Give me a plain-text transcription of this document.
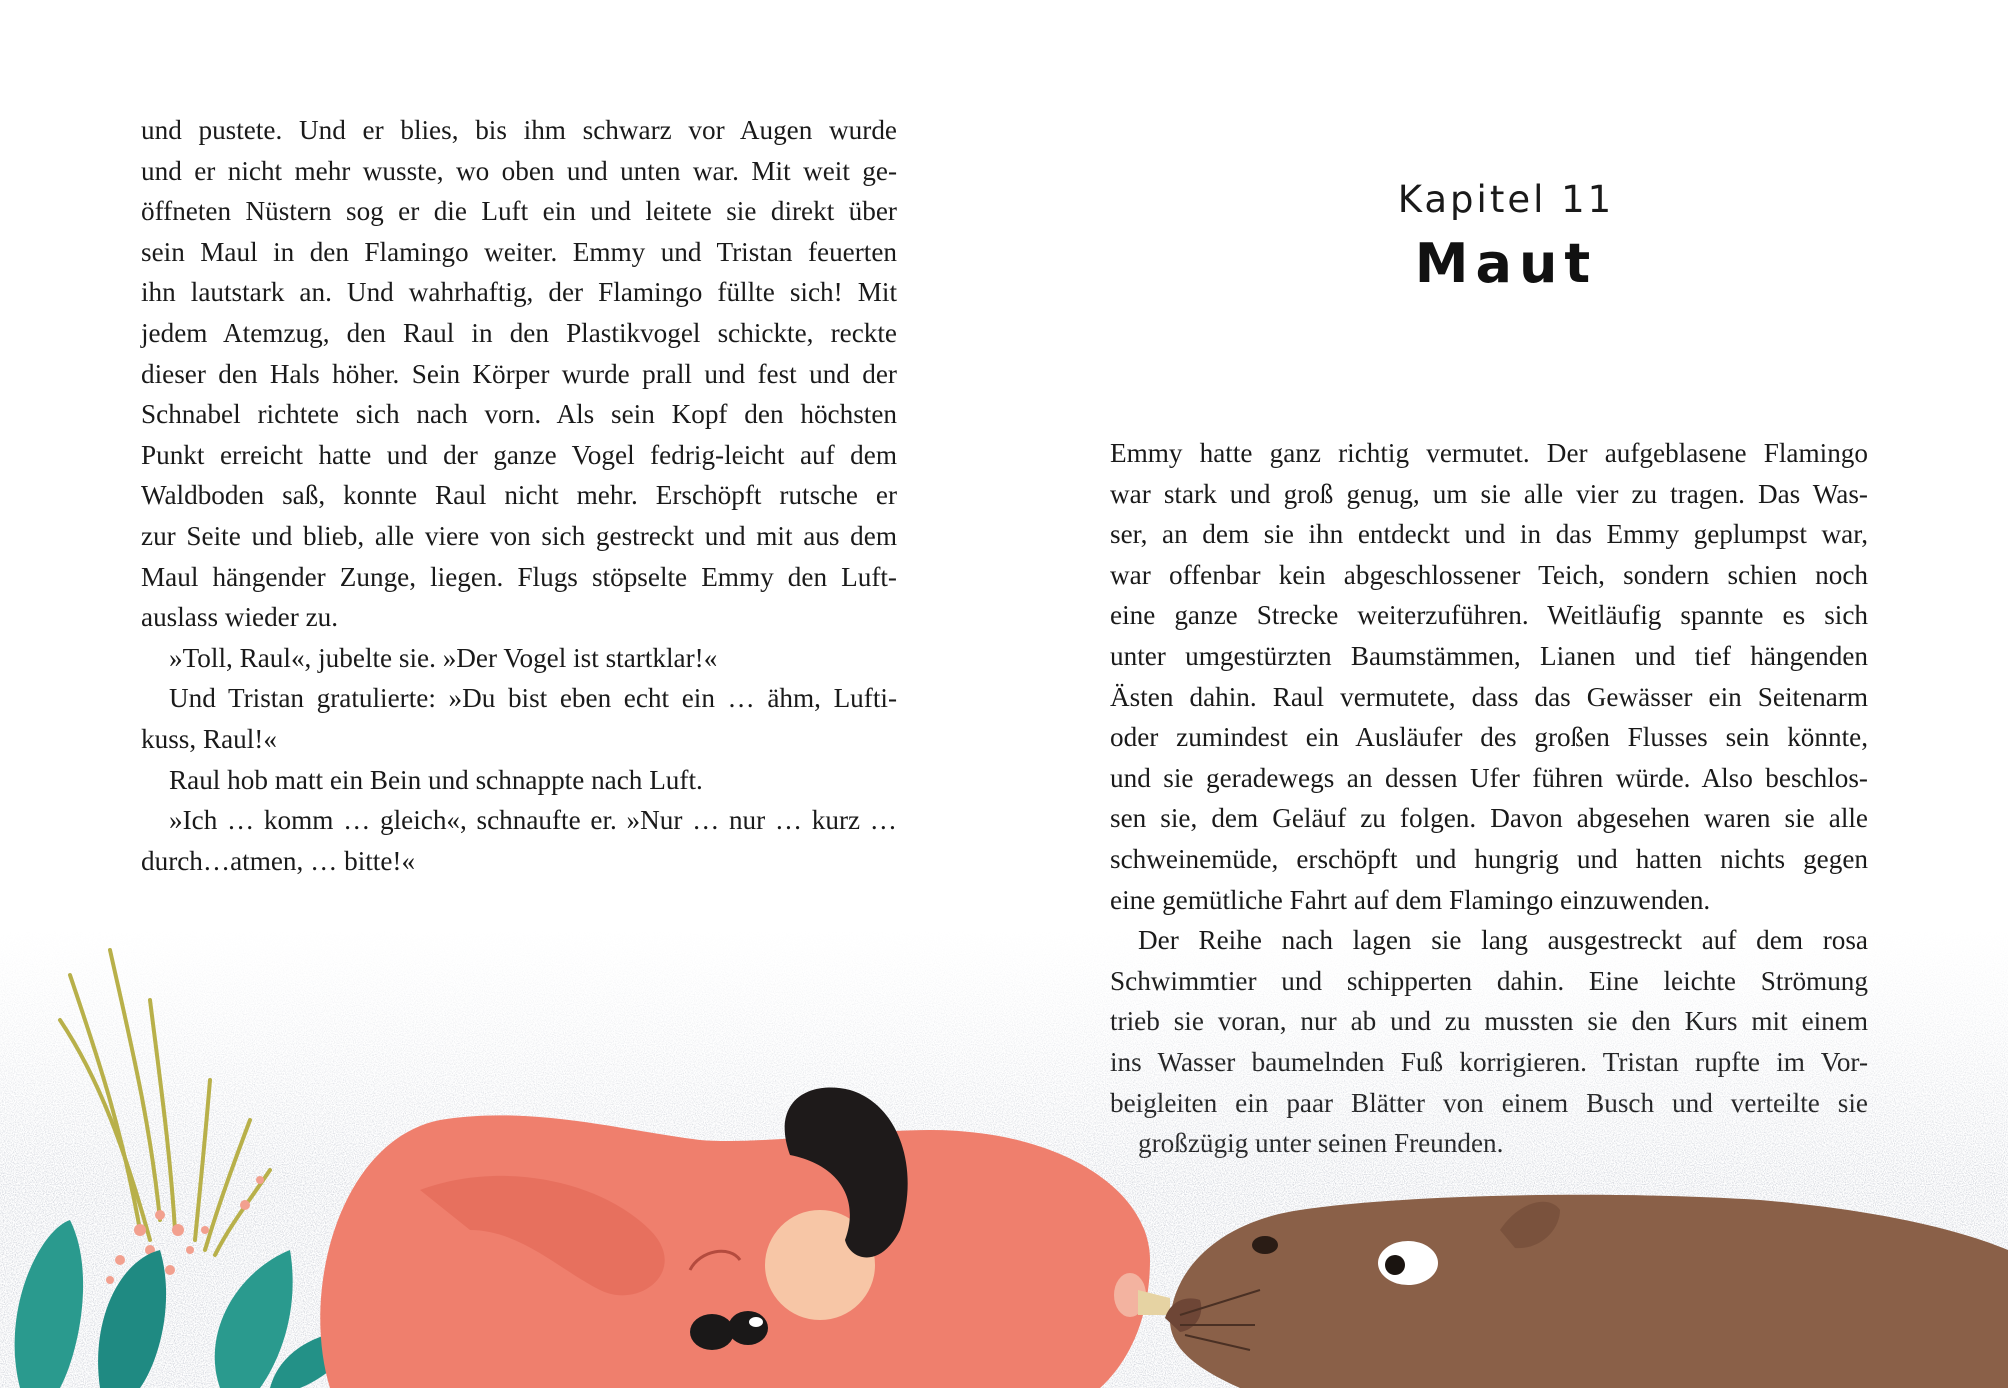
und pustete. Und er blies, bis ihm schwarz vor Augen wurde
und er nicht mehr wusste, wo oben und unten war. Mit weit ge-
öffneten Nüstern sog er die Luft ein und leitete sie direkt über
sein Maul in den Flamingo weiter. Emmy und Tristan feuerten
ihn lautstark an. Und wahrhaftig, der Flamingo füllte sich! Mit
jedem Atemzug, den Raul in den Plastikvogel schickte, reckte
dieser den Hals höher. Sein Körper wurde prall und fest und der
Schnabel richtete sich nach vorn. Als sein Kopf den höchsten
Punkt erreicht hatte und der ganze Vogel fedrig-leicht auf dem
Waldboden saß, konnte Raul nicht mehr. Erschöpft rutsche er
zur Seite und blieb, alle viere von sich gestreckt und mit aus dem
Maul hängender Zunge, liegen. Flugs stöpselte Emmy den Luft-

auslass wieder zu.

»Toll, Raul«, jubelte sie. »Der Vogel ist startklar!«

Und Tristan gratulierte: »Du bist eben echt ein … ähm, Lufti-

kuss, Raul!«

Raul hob matt ein Bein und schnappte nach Luft.

»Ich … komm … gleich«, schnaufte er. »Nur … nur … kurz …

durch…atmen, … bitte!«

Kapitel 11
Maut

Emmy hatte ganz richtig vermutet. Der aufgeblasene Flamingo
war stark und groß genug, um sie alle vier zu tragen. Das Was-
ser, an dem sie ihn entdeckt und in das Emmy geplumpst war,
war offenbar kein abgeschlossener Teich, sondern schien noch
eine ganze Strecke weiterzuführen. Weitläufig spannte es sich
unter umgestürzten Baumstämmen, Lianen und tief hängenden
Ästen dahin. Raul vermutete, dass das Gewässer ein Seitenarm
oder zumindest ein Ausläufer des großen Flusses sein könnte,
und sie geradewegs an dessen Ufer führen würde. Also beschlos-
sen sie, dem Geläuf zu folgen. Davon abgesehen waren sie alle
schweinemüde, erschöpft und hungrig und hatten nichts gegen

eine gemütliche Fahrt auf dem Flamingo einzuwenden.
